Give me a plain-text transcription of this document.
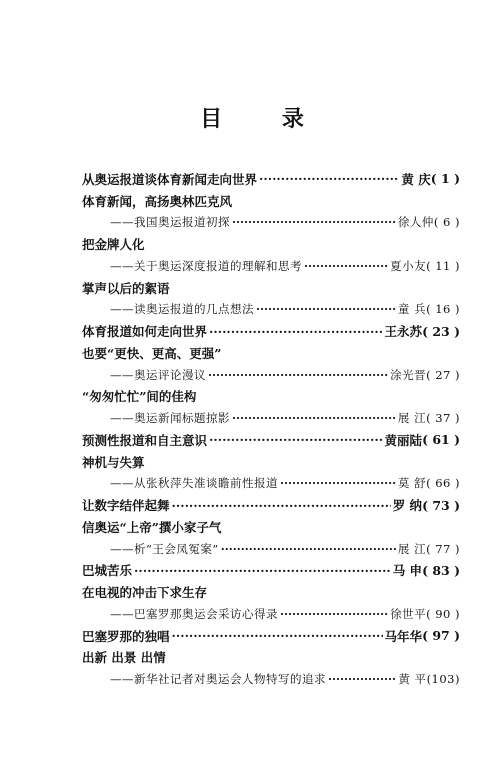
目 录
从奥运报道谈体育新闻走向世界 ·····	黄 庆 ( 1 )
体育新闻，高扬奥林匹克风
——我国奥运报道初探 ·····	徐人仲 ( 6 )
把金牌人化
——关于奥运深度报道的理解和思考 ·····	夏小友 ( 11 )
掌声以后的絮语
——读奥运报道的几点想法 ·····	童 兵 ( 16 )
体育报道如何走向世界 ·····	王永苏 ( 23 )
也要“更快、更高、更强”
——奥运评论漫议 ·····	涂光晋 ( 27 )
“匆匆忙忙”间的佳构
——奥运新闻标题掠影 ·····	展 江 ( 37 )
预测性报道和自主意识 ·····	黄丽陆 ( 61 )
神机与失算
——从张秋萍失准谈瞻前性报道 ·····	莫 舒 ( 66 )
让数字结伴起舞 ·····	罗 纳 ( 73 )
信奥运“上帝”撰小家子气
——析“王会凤冤案” ·····	展 江 ( 77 )
巴城苦乐 ·····	马 申 ( 83 )
在电视的冲击下求生存
——巴塞罗那奥运会采访心得录 ·····	徐世平 ( 90 )
巴塞罗那的独唱 ·····	马年华 ( 97 )
出新 出景 出情
——新华社记者对奥运会人物特写的追求 ·····	黄 平 (103)
